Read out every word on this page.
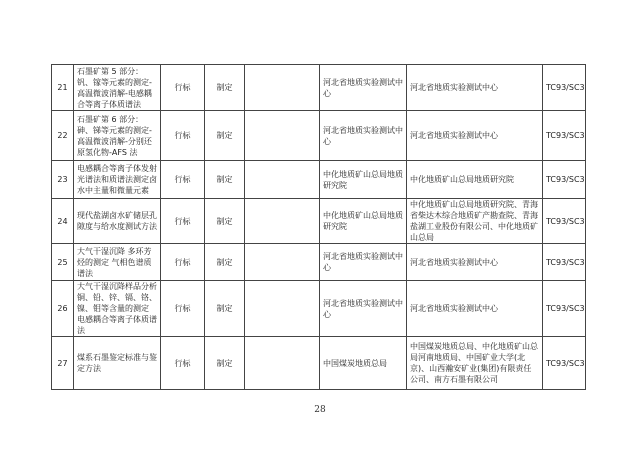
21	石墨矿第 5 部分：钒、镓等元素的测定-高温微波消解-电感耦合等离子体质谱法	行标	制定		河北省地质实验测试中心	河北省地质实验测试中心	TC93/SC3
22	石墨矿第 6 部分：砷、锑等元素的测定-高温微波消解-分别还原氢化物-AFS 法	行标	制定		河北省地质实验测试中心	河北省地质实验测试中心	TC93/SC3
23	电感耦合等离子体发射光谱法和质谱法测定卤水中主量和微量元素	行标	制定		中化地质矿山总局地质研究院	中化地质矿山总局地质研究院	TC93/SC3
24	现代盐湖卤水矿储层孔隙度与给水度测试方法	行标	制定		中化地质矿山总局地质研究院	中化地质矿山总局地质研究院、青海省柴达木综合地质矿产勘查院、青海盐湖工业股份有限公司、中化地质矿山总局	TC93/SC3
25	大气干湿沉降 多环芳烃的测定 气相色谱质谱法	行标	制定		河北省地质实验测试中心	河北省地质实验测试中心	TC93/SC3
26	大气干湿沉降样品分析 铜、铅、锌、镉、铬、镍、钼等含量的测定 电感耦合等离子体质谱法	行标	制定		河北省地质实验测试中心	河北省地质实验测试中心	TC93/SC3
27	煤系石墨鉴定标准与鉴定方法	行标	制定		中国煤炭地质总局	中国煤炭地质总局、中化地质矿山总局河南地质局、中国矿业大学(北京)、山西瀚安矿业(集团)有限责任公司、南方石墨有限公司	TC93/SC3
28
